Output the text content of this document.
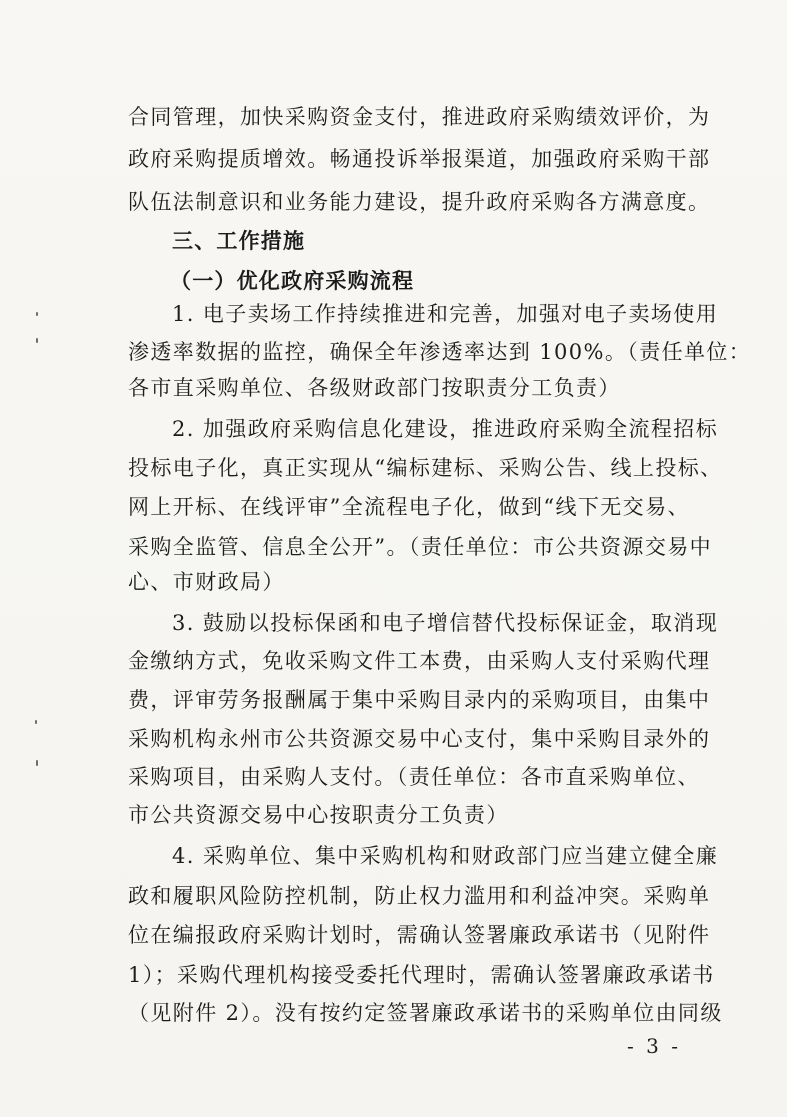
合同管理，加快采购资金支付，推进政府采购绩效评价，为
政府采购提质增效。畅通投诉举报渠道，加强政府采购干部
队伍法制意识和业务能力建设，提升政府采购各方满意度。
三、工作措施
（一）优化政府采购流程
1. 电子卖场工作持续推进和完善，加强对电子卖场使用
渗透率数据的监控，确保全年渗透率达到 100%。（责任单位：
各市直采购单位、各级财政部门按职责分工负责）
2. 加强政府采购信息化建设，推进政府采购全流程招标
投标电子化，真正实现从“编标建标、采购公告、线上投标、
网上开标、在线评审”全流程电子化，做到“线下无交易、
采购全监管、信息全公开”。（责任单位：市公共资源交易中
心、市财政局）
3. 鼓励以投标保函和电子增信替代投标保证金，取消现
金缴纳方式，免收采购文件工本费，由采购人支付采购代理
费，评审劳务报酬属于集中采购目录内的采购项目，由集中
采购机构永州市公共资源交易中心支付，集中采购目录外的
采购项目，由采购人支付。（责任单位：各市直采购单位、
市公共资源交易中心按职责分工负责）
4. 采购单位、集中采购机构和财政部门应当建立健全廉
政和履职风险防控机制，防止权力滥用和利益冲突。采购单
位在编报政府采购计划时，需确认签署廉政承诺书（见附件
1）；采购代理机构接受委托代理时，需确认签署廉政承诺书
（见附件 2）。没有按约定签署廉政承诺书的采购单位由同级
- 3 -
